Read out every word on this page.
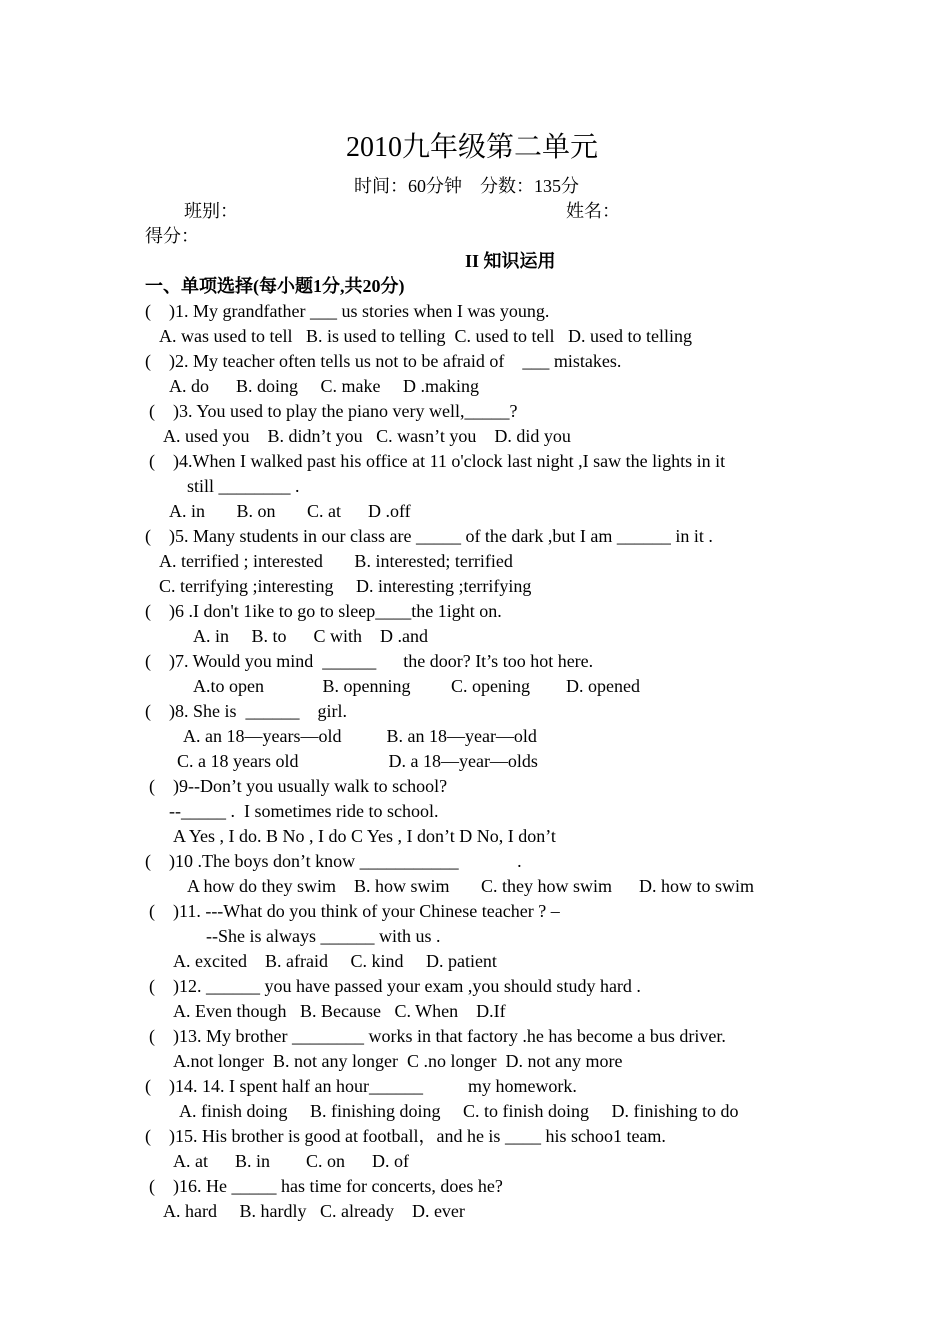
2010九年级第二单元
时间：60分钟    分数：135分
班别：	姓名：
得分：
II 知识运用
一、单项选择(每小题1分,共20分)
(    )1. My grandfather ___ us stories when I was young.
A. was used to tell   B. is used to telling  C. used to tell   D. used to telling
(    )2. My teacher often tells us not to be afraid of    ___ mistakes.
A. do      B. doing     C. make     D .making
(    )3. You used to play the piano very well,_____?
A. used you    B. didn’t you   C. wasn’t you    D. did you
(    )4.When I walked past his office at 11 o'clock last night ,I saw the lights in it
still ________ .
A. in       B. on       C. at      D .off
(    )5. Many students in our class are _____ of the dark ,but I am ______ in it .
A. terrified ; interested       B. interested; terrified
C. terrifying ;interesting     D. interesting ;terrifying
(    )6 .I don't 1ike to go to sleep____the 1ight on.
A. in     B. to      C with    D .and
(    )7. Would you mind  ______      the door? It’s too hot here.
A.to open             B. openning         C. opening        D. opened
(    )8. She is  ______    girl.
A. an 18—years—old          B. an 18—year—old
C. a 18 years old                    D. a 18—year—olds
(    )9--Don’t you usually walk to school?
--_____ .  I sometimes ride to school.
A Yes , I do. B No , I do C Yes , I don’t D No, I don’t
(    )10 .The boys don’t know ___________             .
A how do they swim    B. how swim       C. they how swim      D. how to swim
(    )11. ---What do you think of your Chinese teacher ? –
--She is always ______ with us .
A. excited    B. afraid     C. kind     D. patient
(    )12. ______ you have passed your exam ,you should study hard .
A. Even though   B. Because   C. When    D.If
(    )13. My brother ________ works in that factory .he has become a bus driver.
A.not longer  B. not any longer  C .no longer  D. not any more
(    )14. 14. I spent half an hour______          my homework.
A. finish doing     B. finishing doing     C. to finish doing     D. finishing to do
(    )15. His brother is good at football，and he is ____ his schoo1 team.
A. at      B. in        C. on      D. of
(    )16. He _____ has time for concerts, does he?
A. hard     B. hardly   C. already    D. ever
